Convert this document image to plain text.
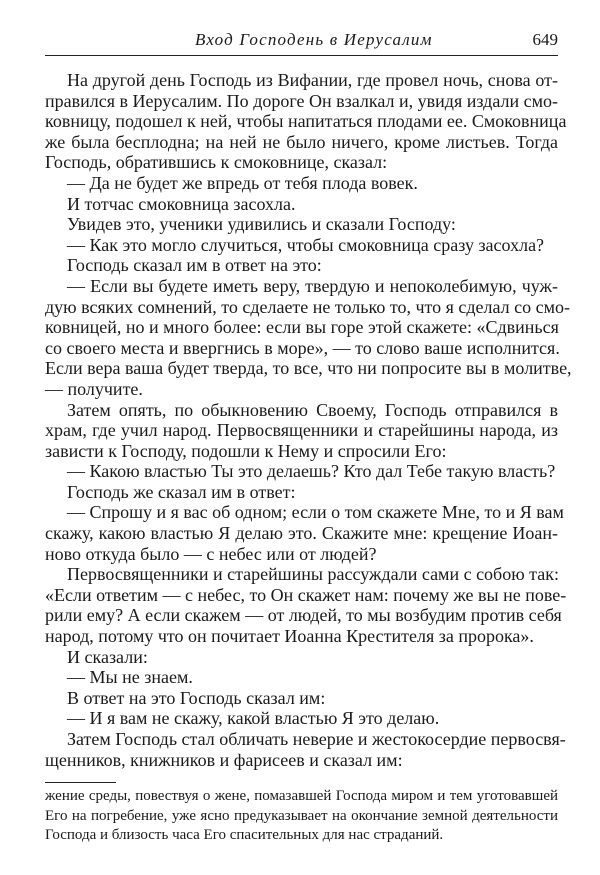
Вход Господень в Иерусалим	649
На другой день Господь из Вифании, где провел ночь, снова от-
правился в Иерусалим. По дороге Он взалкал и, увидя издали смо-
ковницу, подошел к ней, чтобы напитаться плодами ее. Смоковница
же была бесплодна; на ней не было ничего, кроме листьев. Тогда
Господь, обратившись к смоковнице, сказал:
— Да не будет же впредь от тебя плода вовек.
И тотчас смоковница засохла.
Увидев это, ученики удивились и сказали Господу:
— Как это могло случиться, чтобы смоковница сразу засохла?
Господь сказал им в ответ на это:
— Если вы будете иметь веру, твердую и непоколебимую, чуж-
дую всяких сомнений, то сделаете не только то, что я сделал со смо-
ковницей, но и много более: если вы горе этой скажете: «Сдвинься
со своего места и ввергнись в море», — то слово ваше исполнится.
Если вера ваша будет тверда, то все, что ни попросите вы в молитве,
— получите.
Затем опять, по обыкновению Своему, Господь отправился в
храм, где учил народ. Первосвященники и старейшины народа, из
зависти к Господу, подошли к Нему и спросили Его:
— Какою властью Ты это делаешь? Кто дал Тебе такую власть?
Господь же сказал им в ответ:
— Спрошу и я вас об одном; если о том скажете Мне, то и Я вам
скажу, какою властью Я делаю это. Скажите мне: крещение Иоан-
ново откуда было — с небес или от людей?
Первосвященники и старейшины рассуждали сами с собою так:
«Если ответим — с небес, то Он скажет нам: почему же вы не пове-
рили ему? А если скажем — от людей, то мы возбудим против себя
народ, потому что он почитает Иоанна Крестителя за пророка».
И сказали:
— Мы не знаем.
В ответ на это Господь сказал им:
— И я вам не скажу, какой властью Я это делаю.
Затем Господь стал обличать неверие и жестокосердие первосвя-
щенников, книжников и фарисеев и сказал им:
жение среды, повествуя о жене, помазавшей Господа миром и тем уготовавшей
Его на погребение, уже ясно предуказывает на окончание земной деятельности
Господа и близость часа Его спасительных для нас страданий.
